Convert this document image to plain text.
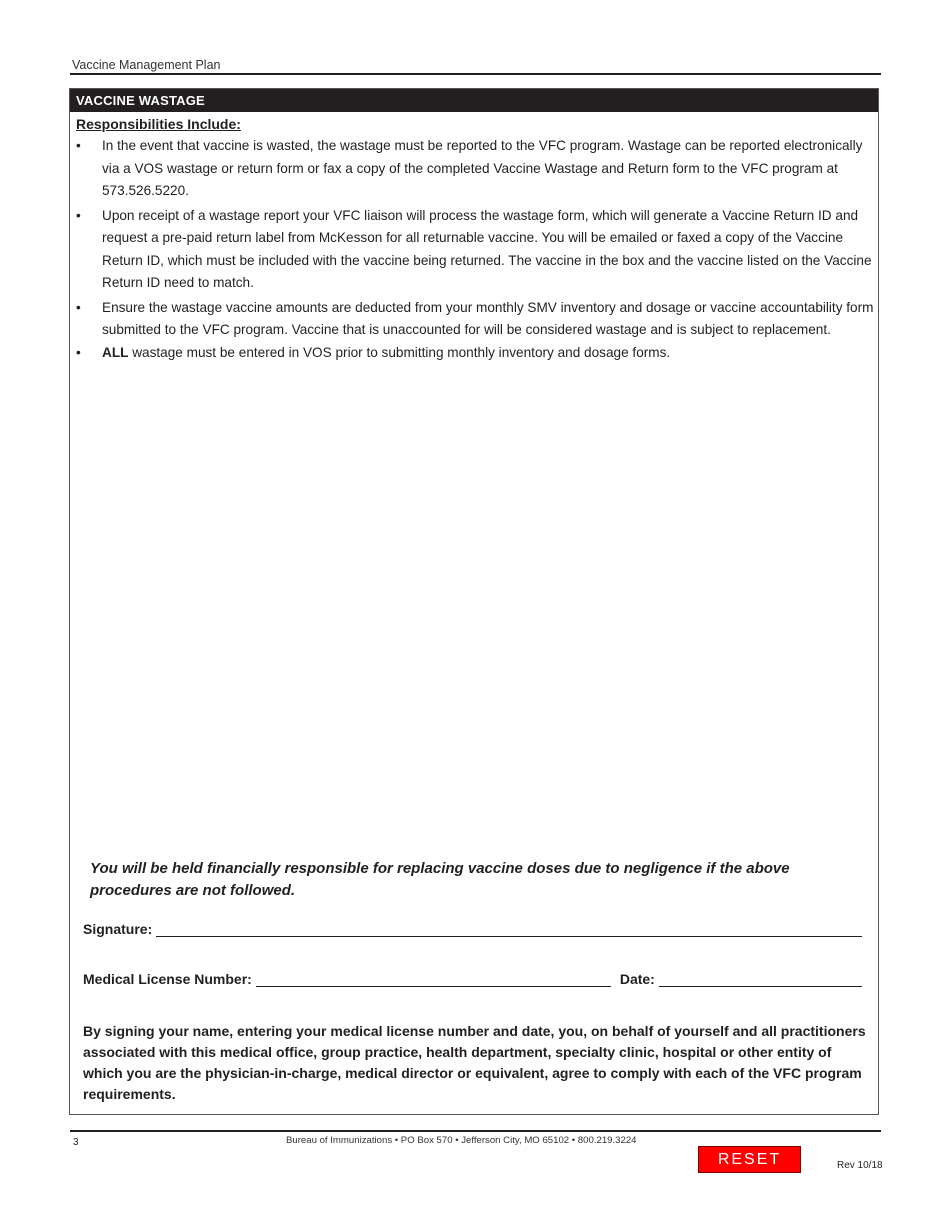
Vaccine Management Plan
VACCINE WASTAGE
Responsibilities Include:
• In the event that vaccine is wasted, the wastage must be reported to the VFC program. Wastage can be reported electronically via a VOS wastage or return form or fax a copy of the completed Vaccine Wastage and Return form to the VFC program at 573.526.5220.
• Upon receipt of a wastage report your VFC liaison will process the wastage form, which will generate a Vaccine Return ID and request a pre-paid return label from McKesson for all returnable vaccine. You will be emailed or faxed a copy of the Vaccine Return ID, which must be included with the vaccine being returned. The vaccine in the box and the vaccine listed on the Vaccine Return ID need to match.
• Ensure the wastage vaccine amounts are deducted from your monthly SMV inventory and dosage or vaccine accountability form submitted to the VFC program. Vaccine that is unaccounted for will be considered wastage and is subject to replacement.
• ALL wastage must be entered in VOS prior to submitting monthly inventory and dosage forms.
You will be held financially responsible for replacing vaccine doses due to negligence if the above procedures are not followed.
Signature:
Medical License Number:	Date:
By signing your name, entering your medical license number and date, you, on behalf of yourself and all practitioners associated with this medical office, group practice, health department, specialty clinic, hospital or other entity of which you are the physician-in-charge, medical director or equivalent, agree to comply with each of the VFC program requirements.
3	Bureau of Immunizations • PO Box 570 • Jefferson City, MO 65102 • 800.219.3224
RESET	Rev 10/18
